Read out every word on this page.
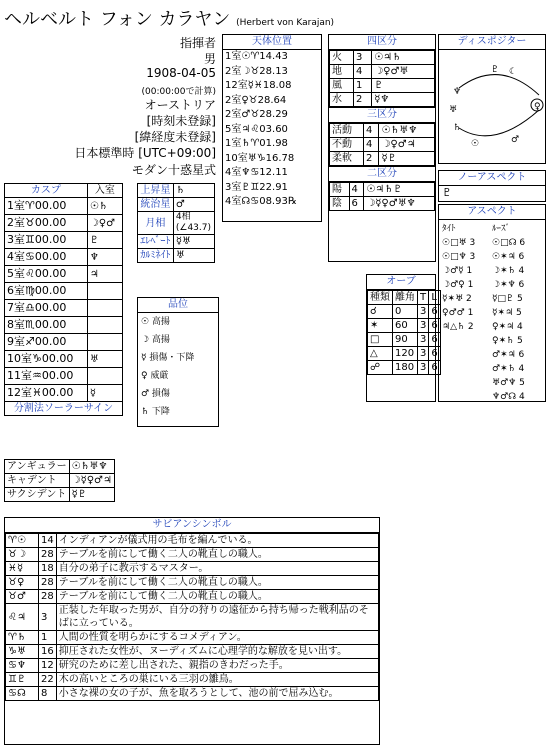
ヘルベルト フォン カラヤン (Herbert von Karajan)
指揮者
男
1908-04-05
(00:00:00で計算)
オーストリア
[時刻未登録]
[緯経度未登録]
日本標準時 [UTC+09:00]
モダン十惑星式
天体位置
1室☉♈14.43
2室☽♉28.13
12室☿♓18.08
2室♀♉28.64
2室♂♉28.29
5室♃♌03.60
1室♄♈01.98
10室♅♑16.78
4室♆♋12.11
3室♇♊22.91
4室☊♋08.93℞
四区分
火	3	☉♃♄
地	4	☽♀♂♅
風	1	♇
水	2	☿♆
三区分
活動	4	☉♄♅♆
不動	4	☽♀♂♃
柔軟	2	☿♇
二区分
陽	4	☉♃♄♇
陰	6	☽☿♀♂♅♆
ディスポジター
♀
♇ ☾
♆
♅
♄
☉	♂
ノーアスペクト
♇
アスペクト
ﾀｲﾄ
☉□♅ 3
☉□♆ 3
☽♂☿ 1
☽♂♀ 1
☿✶♅ 2
♀♂♂ 1
♃△♄ 2
ﾙｰｽﾞ
☉□☊ 6
☉✶♃ 6
☽✶♄ 4
☽✶♆ 6
☿□♇ 5
☿✶♃ 5
♀✶♃ 4
♀✶♄ 5
♂✶♃ 6
♂✶♄ 4
♅♂♆ 5
♆♂☊ 4
カスプ	入室
1室♈00.00	☉♄
2室♉00.00	☽♀♂
3室♊00.00	♇
4室♋00.00	♆
5室♌00.00	♃
6室♍00.00	
7室♎00.00	
8室♏00.00	
9室♐00.00	
10室♑00.00	♅
11室♒00.00	
12室♓00.00	☿
分割法ソーラーサイン	
上昇星	♄
統治星	♂
月相	4相
(∠43.7)
ｴﾚﾍﾞｰﾄ	☿♅
ｶﾙﾐﾈｲﾄ	♅
品位
☉ 高揚
☽ 高揚
☿ 損傷・下降
♀ 威厳
♂ 損傷
♄ 下降
オーブ
種類	離角	T	L
☌	0	3	6
✶	60	3	6
□	90	3	6
△	120	3	6
☍	180	3	6
アンギュラー	☉♄♅♆
キャデント	☽☿♀♂♃
サクシデント	☿♇
サビアンシンボル
♈☉	14	インディアンが儀式用の毛布を編んでいる。
♉☽	28	テーブルを前にして働く二人の靴直しの職人。
♓☿	18	自分の弟子に教示するマスター。
♉♀	28	テーブルを前にして働く二人の靴直しの職人。
♉♂	28	テーブルを前にして働く二人の靴直しの職人。
♌♃	3	正装した年取った男が、自分の狩りの遠征から持ち帰った戦利品のそばに立っている。
♈♄	1	人間の性質を明らかにするコメディアン。
♑♅	16	抑圧された女性が、ヌーディズムに心理学的な解放を見い出す。
♋♆	12	研究のために差し出された、親指のきわだった手。
♊♇	22	木の高いところの巣にいる三羽の雛鳥。
♋☊	8	小さな裸の女の子が、魚を取ろうとして、池の前で屈み込む。
